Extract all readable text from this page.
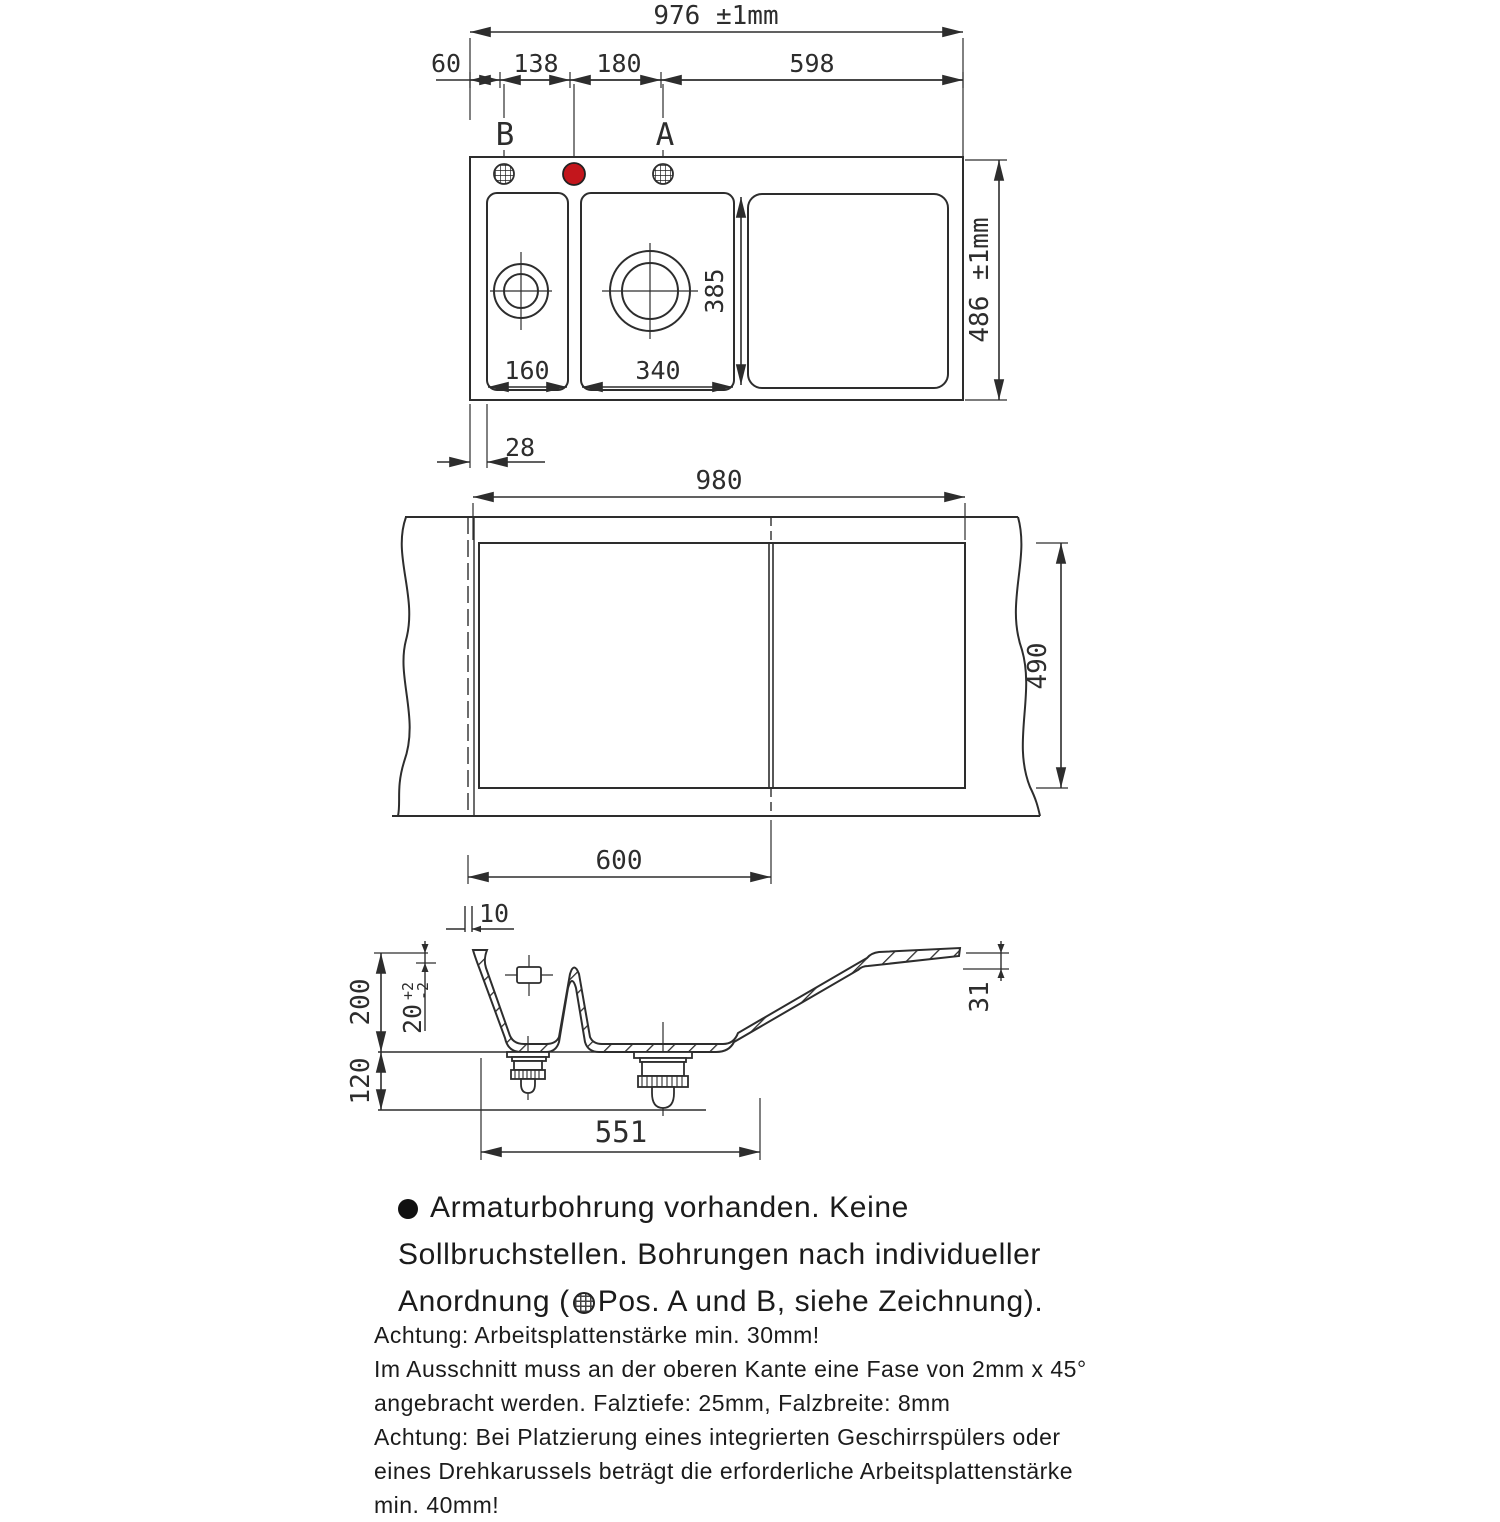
976 ±1mm
60 138 180	598
B	A
160	340
385
28
486 ±1mm
980
490
600
10
200
120
20
+2
-2
551
31
Armaturbohrung vorhanden. Keine
Sollbruchstellen. Bohrungen nach individueller
Anordnung ( Pos. A und B, siehe Zeichnung).
Achtung: Arbeitsplattenstärke min. 30mm!
Im Ausschnitt muss an der oberen Kante eine Fase von 2mm x 45°
angebracht werden. Falztiefe: 25mm, Falzbreite: 8mm
Achtung: Bei Platzierung eines integrierten Geschirrspülers oder
eines Drehkarussels beträgt die erforderliche Arbeitsplattenstärke
min. 40mm!
